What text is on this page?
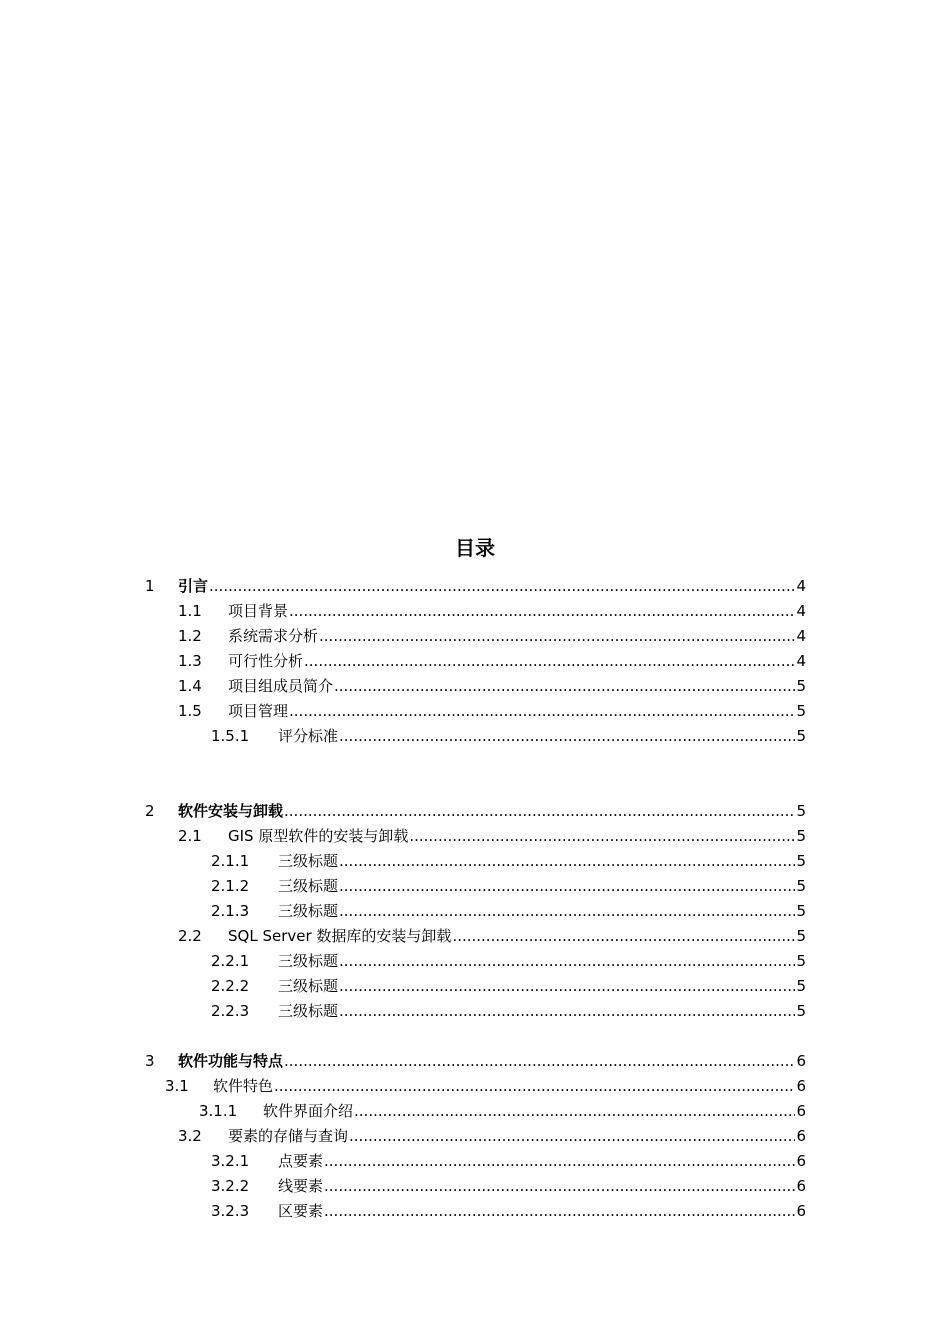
目录
1	引言 .....	4
1.1	项目背景 .....	4
1.2	系统需求分析 .....	4
1.3	可行性分析 .....	4
1.4	项目组成员简介 .....	5
1.5	项目管理 .....	5
1.5.1	评分标准 .....	5
2	软件安装与卸载 .....	5
2.1	GIS 原型软件的安装与卸载 .....	5
2.1.1	三级标题 .....	5
2.1.2	三级标题 .....	5
2.1.3	三级标题 .....	5
2.2	SQL Server 数据库的安装与卸载 .....	5
2.2.1	三级标题 .....	5
2.2.2	三级标题 .....	5
2.2.3	三级标题 .....	5
3	软件功能与特点 .....	6
3.1	软件特色 .....	6
3.1.1	软件界面介绍 .....	6
3.2	要素的存储与查询 .....	6
3.2.1	点要素 .....	6
3.2.2	线要素 .....	6
3.2.3	区要素 .....	6
